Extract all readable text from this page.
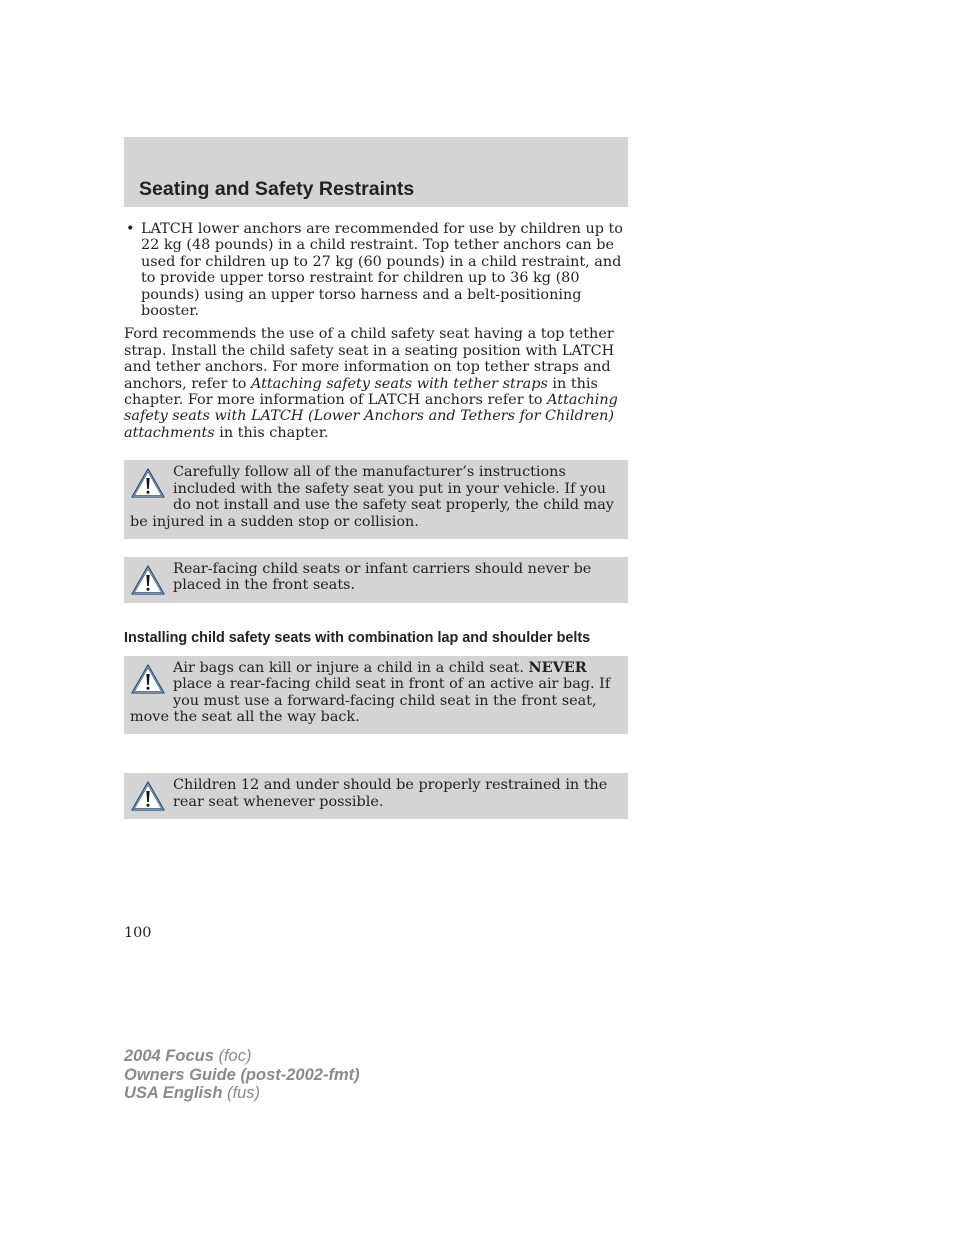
Seating and Safety Restraints
• LATCH lower anchors are recommended for use by children up to 22 kg (48 pounds) in a child restraint. Top tether anchors can be used for children up to 27 kg (60 pounds) in a child restraint, and to provide upper torso restraint for children up to 36 kg (80 pounds) using an upper torso harness and a belt-positioning booster.

Ford recommends the use of a child safety seat having a top tether strap. Install the child safety seat in a seating position with LATCH and tether anchors. For more information on top tether straps and anchors, refer to Attaching safety seats with tether straps in this chapter. For more information of LATCH anchors refer to Attaching safety seats with LATCH (Lower Anchors and Tethers for Children) attachments in this chapter.

Carefully follow all of the manufacturer’s instructions included with the safety seat you put in your vehicle. If you do not install and use the safety seat properly, the child may be injured in a sudden stop or collision.
Rear-facing child seats or infant carriers should never be placed in the front seats.
Installing child safety seats with combination lap and shoulder belts
Air bags can kill or injure a child in a child seat. NEVER place a rear-facing child seat in front of an active air bag. If you must use a forward-facing child seat in the front seat, move the seat all the way back.
Children 12 and under should be properly restrained in the rear seat whenever possible.
100
2004 Focus (foc)
Owners Guide (post-2002-fmt)
USA English (fus)
